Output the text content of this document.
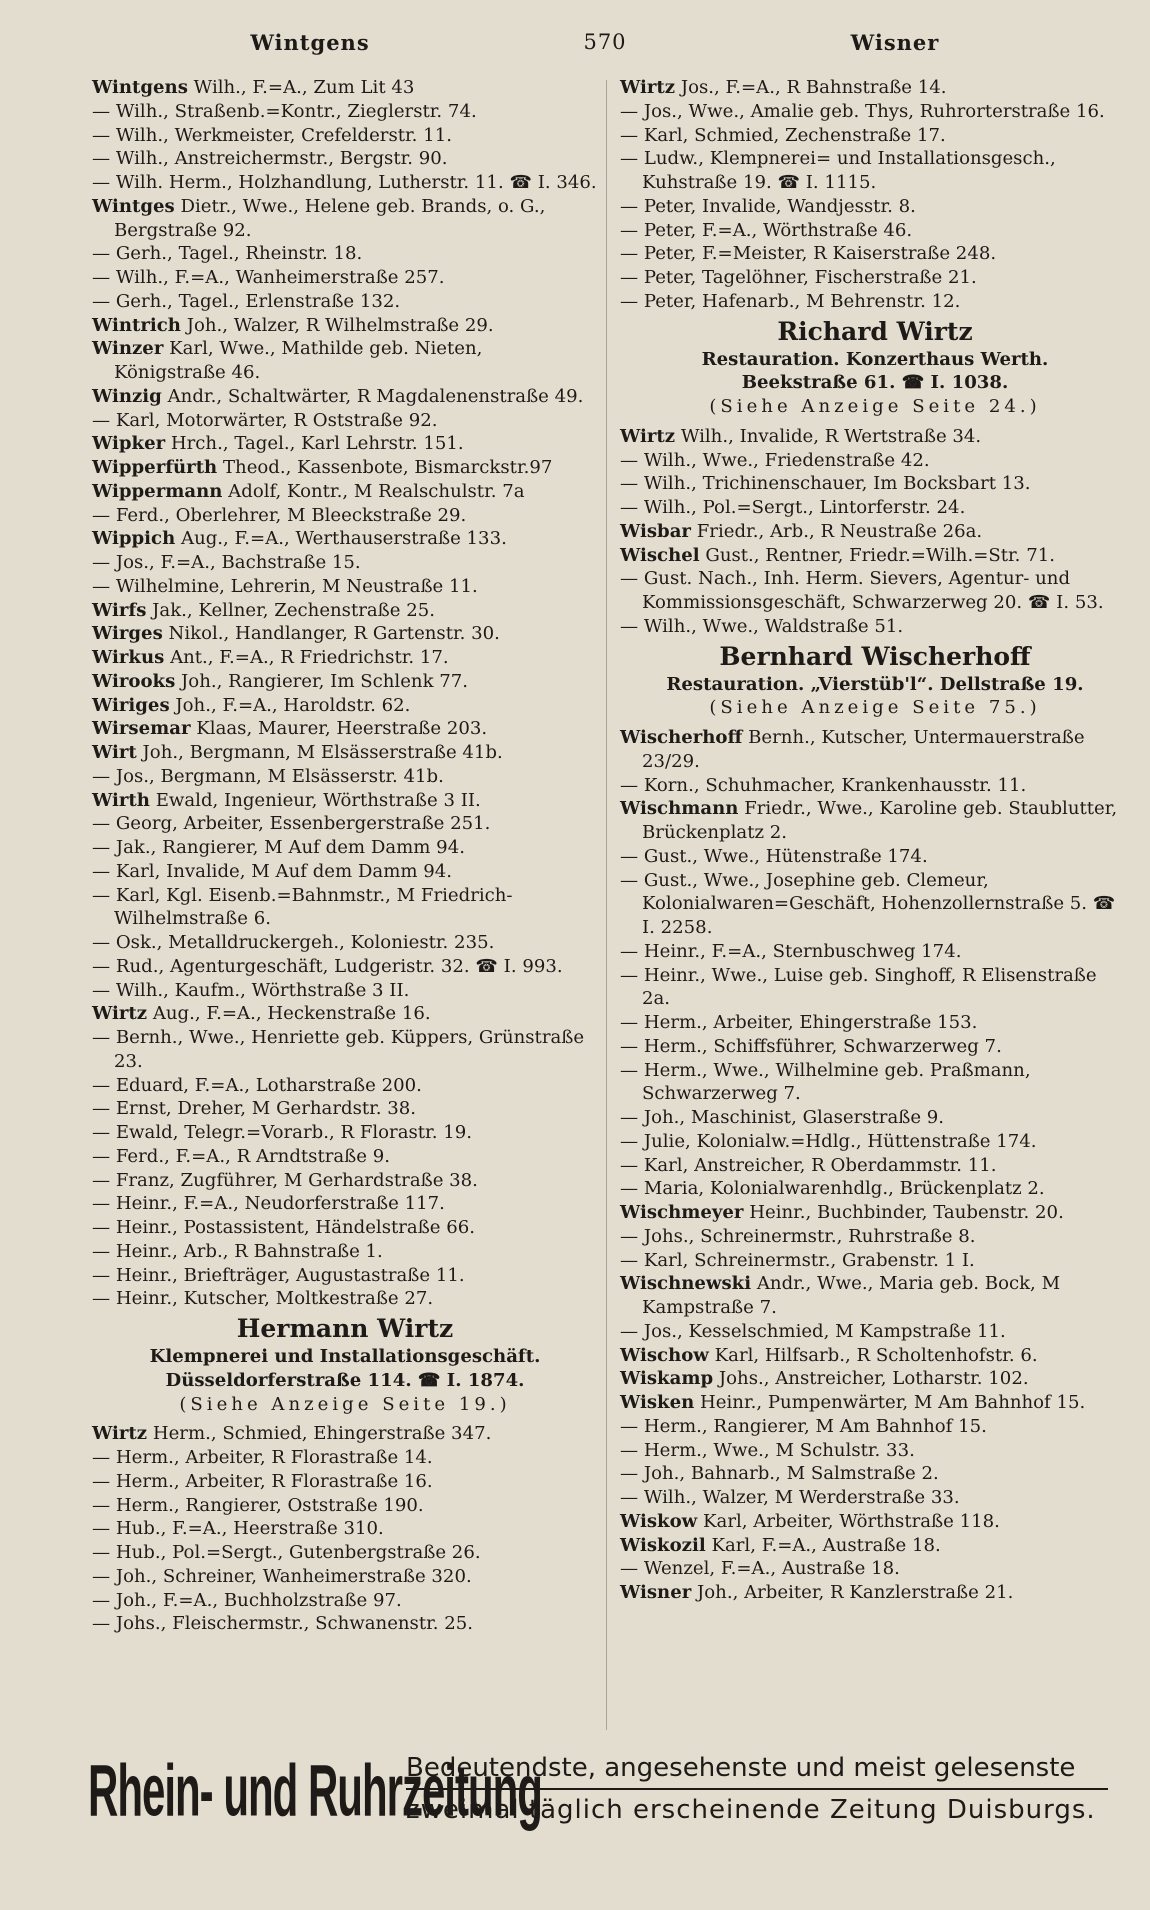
Wintgens	570	Wisner

Wintgens Wilh., F.=A., Zum Lit 43

— Wilh., Straßenb.=Kontr., Zieglerstr. 74.

— Wilh., Werkmeister, Crefelderstr. 11.

— Wilh., Anstreichermstr., Bergstr. 90.

— Wilh. Herm., Holzhandlung, Lutherstr. 11. ☎ I. 346.

Wintges Dietr., Wwe., Helene geb. Brands, o. G., Bergstraße 92.

— Gerh., Tagel., Rheinstr. 18.

— Wilh., F.=A., Wanheimerstraße 257.

— Gerh., Tagel., Erlenstraße 132.

Wintrich Joh., Walzer, R Wilhelmstraße 29.

Winzer Karl, Wwe., Mathilde geb. Nieten, Königstraße 46.

Winzig Andr., Schaltwärter, R Magdalenenstraße 49.

— Karl, Motorwärter, R Oststraße 92.

Wipker Hrch., Tagel., Karl Lehrstr. 151.

Wipperfürth Theod., Kassenbote, Bismarckstr.97

Wippermann Adolf, Kontr., M Realschulstr. 7a

— Ferd., Oberlehrer, M Bleeckstraße 29.

Wippich Aug., F.=A., Werthauserstraße 133.

— Jos., F.=A., Bachstraße 15.

— Wilhelmine, Lehrerin, M Neustraße 11.

Wirfs Jak., Kellner, Zechenstraße 25.

Wirges Nikol., Handlanger, R Gartenstr. 30.

Wirkus Ant., F.=A., R Friedrichstr. 17.

Wirooks Joh., Rangierer, Im Schlenk 77.

Wiriges Joh., F.=A., Haroldstr. 62.

Wirsemar Klaas, Maurer, Heerstraße 203.

Wirt Joh., Bergmann, M Elsässerstraße 41b.

— Jos., Bergmann, M Elsässerstr. 41b.

Wirth Ewald, Ingenieur, Wörthstraße 3 II.

— Georg, Arbeiter, Essenbergerstraße 251.

— Jak., Rangierer, M Auf dem Damm 94.

— Karl, Invalide, M Auf dem Damm 94.

— Karl, Kgl. Eisenb.=Bahnmstr., M Friedrich-Wilhelmstraße 6.

— Osk., Metalldruckergeh., Koloniestr. 235.

— Rud., Agenturgeschäft, Ludgeristr. 32. ☎ I. 993.

— Wilh., Kaufm., Wörthstraße 3 II.

Wirtz Aug., F.=A., Heckenstraße 16.

— Bernh., Wwe., Henriette geb. Küppers, Grünstraße 23.

— Eduard, F.=A., Lotharstraße 200.

— Ernst, Dreher, M Gerhardstr. 38.

— Ewald, Telegr.=Vorarb., R Florastr. 19.

— Ferd., F.=A., R Arndtstraße 9.

— Franz, Zugführer, M Gerhardstraße 38.

— Heinr., F.=A., Neudorferstraße 117.

— Heinr., Postassistent, Händelstraße 66.

— Heinr., Arb., R Bahnstraße 1.

— Heinr., Briefträger, Augustastraße 11.

— Heinr., Kutscher, Moltkestraße 27.

Hermann Wirtz
Klempnerei und Installationsgeschäft.
Düsseldorferstraße 114. ☎ I. 1874.
(Siehe Anzeige Seite 19.)

Wirtz Herm., Schmied, Ehingerstraße 347.

— Herm., Arbeiter, R Florastraße 14.

— Herm., Arbeiter, R Florastraße 16.

— Herm., Rangierer, Oststraße 190.

— Hub., F.=A., Heerstraße 310.

— Hub., Pol.=Sergt., Gutenbergstraße 26.

— Joh., Schreiner, Wanheimerstraße 320.

— Joh., F.=A., Buchholzstraße 97.

— Johs., Fleischermstr., Schwanenstr. 25.

Wirtz Jos., F.=A., R Bahnstraße 14.

— Jos., Wwe., Amalie geb. Thys, Ruhrorterstraße 16.

— Karl, Schmied, Zechenstraße 17.

— Ludw., Klempnerei= und Installationsgesch., Kuhstraße 19. ☎ I. 1115.

— Peter, Invalide, Wandjesstr. 8.

— Peter, F.=A., Wörthstraße 46.

— Peter, F.=Meister, R Kaiserstraße 248.

— Peter, Tagelöhner, Fischerstraße 21.

— Peter, Hafenarb., M Behrenstr. 12.

Richard Wirtz
Restauration. Konzerthaus Werth.
Beekstraße 61. ☎ I. 1038.
(Siehe Anzeige Seite 24.)

Wirtz Wilh., Invalide, R Wertstraße 34.

— Wilh., Wwe., Friedenstraße 42.

— Wilh., Trichinenschauer, Im Bocksbart 13.

— Wilh., Pol.=Sergt., Lintorferstr. 24.

Wisbar Friedr., Arb., R Neustraße 26a.

Wischel Gust., Rentner, Friedr.=Wilh.=Str. 71.

— Gust. Nach., Inh. Herm. Sievers, Agentur- und Kommissionsgeschäft, Schwarzerweg 20. ☎ I. 53.

— Wilh., Wwe., Waldstraße 51.

Bernhard Wischerhoff
Restauration. „Vierstüb'l“. Dellstraße 19.
(Siehe Anzeige Seite 75.)

Wischerhoff Bernh., Kutscher, Untermauerstraße 23/29.

— Korn., Schuhmacher, Krankenhausstr. 11.

Wischmann Friedr., Wwe., Karoline geb. Staublutter, Brückenplatz 2.

— Gust., Wwe., Hütenstraße 174.

— Gust., Wwe., Josephine geb. Clemeur, Kolonialwaren=Geschäft, Hohenzollernstraße 5. ☎ I. 2258.

— Heinr., F.=A., Sternbuschweg 174.

— Heinr., Wwe., Luise geb. Singhoff, R Elisenstraße 2a.

— Herm., Arbeiter, Ehingerstraße 153.

— Herm., Schiffsführer, Schwarzerweg 7.

— Herm., Wwe., Wilhelmine geb. Praßmann, Schwarzerweg 7.

— Joh., Maschinist, Glaserstraße 9.

— Julie, Kolonialw.=Hdlg., Hüttenstraße 174.

— Karl, Anstreicher, R Oberdammstr. 11.

— Maria, Kolonialwarenhdlg., Brückenplatz 2.

Wischmeyer Heinr., Buchbinder, Taubenstr. 20.

— Johs., Schreinermstr., Ruhrstraße 8.

— Karl, Schreinermstr., Grabenstr. 1 I.

Wischnewski Andr., Wwe., Maria geb. Bock, M Kampstraße 7.

— Jos., Kesselschmied, M Kampstraße 11.

Wischow Karl, Hilfsarb., R Scholtenhofstr. 6.

Wiskamp Johs., Anstreicher, Lotharstr. 102.

Wisken Heinr., Pumpenwärter, M Am Bahnhof 15.

— Herm., Rangierer, M Am Bahnhof 15.

— Herm., Wwe., M Schulstr. 33.

— Joh., Bahnarb., M Salmstraße 2.

— Wilh., Walzer, M Werderstraße 33.

Wiskow Karl, Arbeiter, Wörthstraße 118.

Wiskozil Karl, F.=A., Austraße 18.

— Wenzel, F.=A., Austraße 18.

Wisner Joh., Arbeiter, R Kanzlerstraße 21.

Rhein- und Ruhrzeitung
Bedeutendste, angesehenste und meist gelesenste
zweimal täglich erscheinende Zeitung Duisburgs.
